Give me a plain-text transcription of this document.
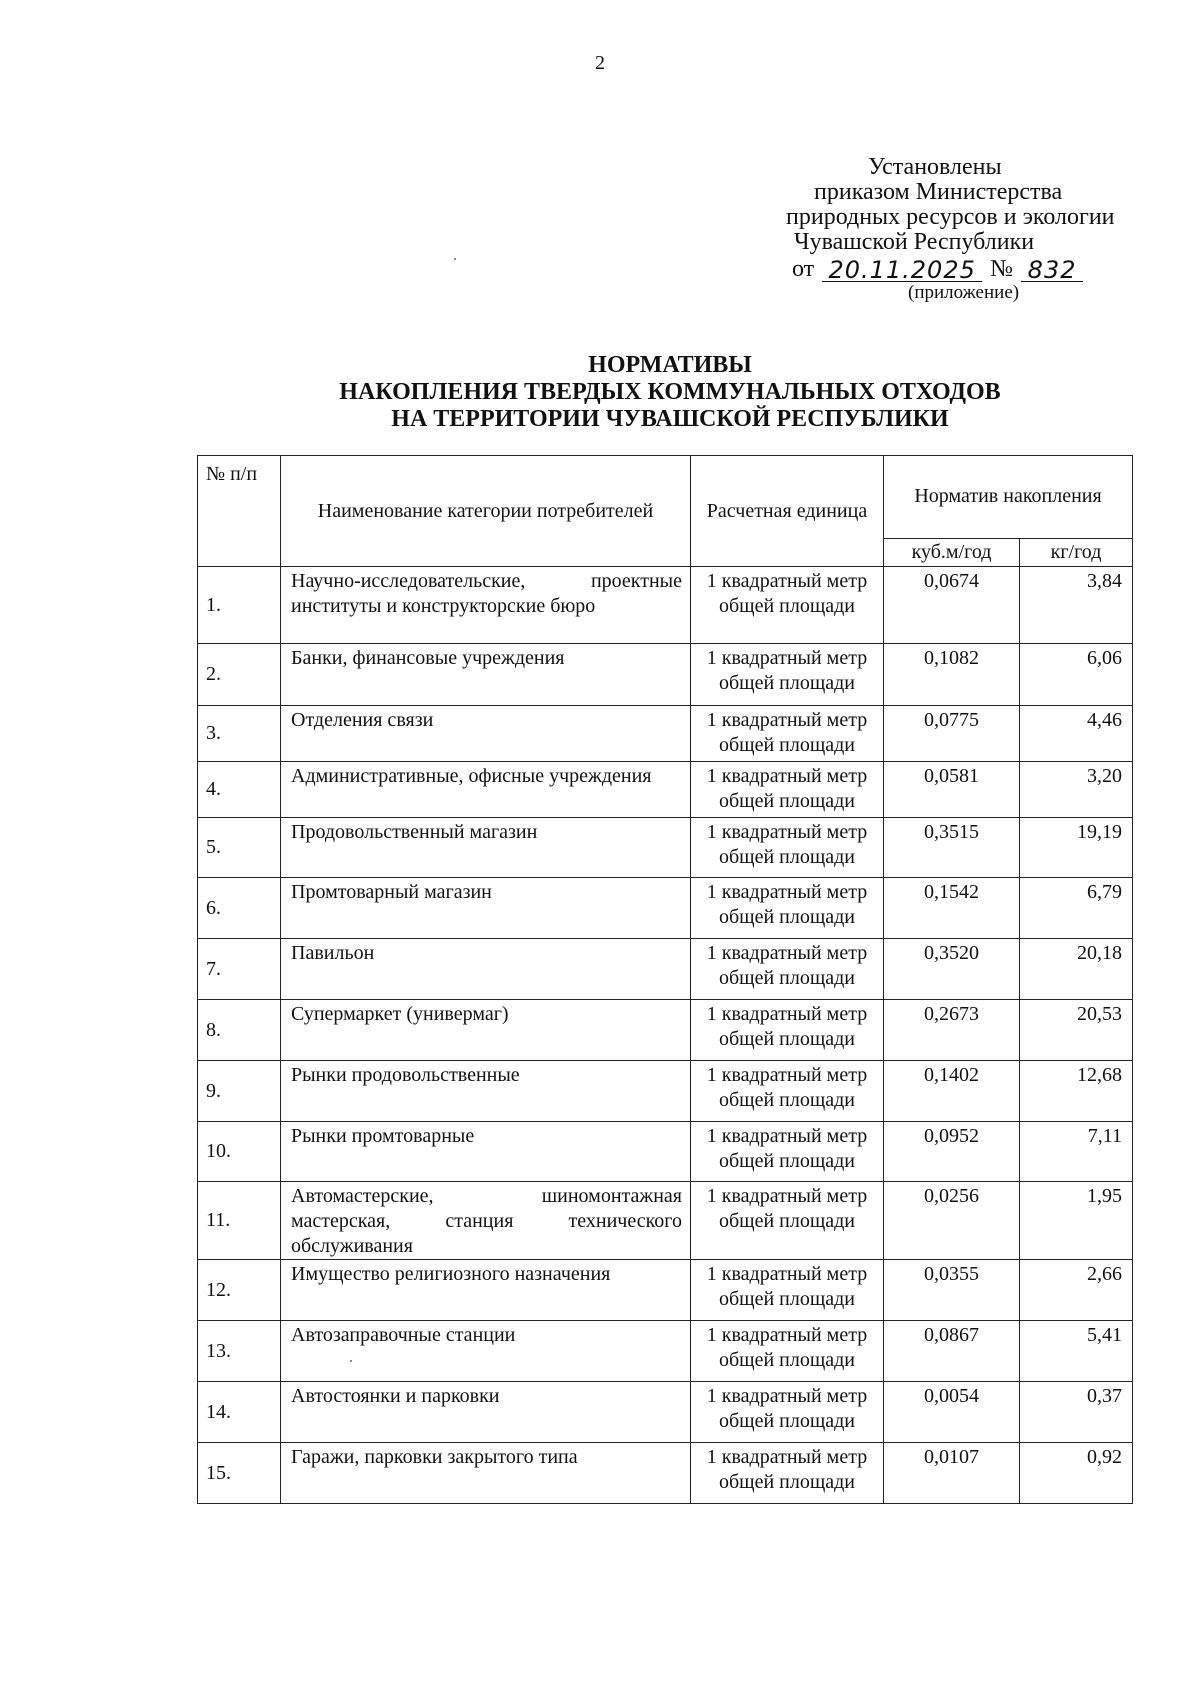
2
Установлены
приказом Министерства
природных ресурсов и экологии
Чувашской Республики
от 20.11.2025 № 832
(приложение)
НОРМАТИВЫ
НАКОПЛЕНИЯ ТВЕРДЫХ КОММУНАЛЬНЫХ ОТХОДОВ
НА ТЕРРИТОРИИ ЧУВАШСКОЙ РЕСПУБЛИКИ
№ п/п	Наименование категории потребителей	Расчетная единица	Норматив накопления	
			куб.м/год	кг/год
1.	Научно-исследовательские, проектные институты и конструкторские бюро	1 квадратный метр общей площади	0,0674	3,84
2.	Банки, финансовые учреждения	1 квадратный метр общей площади	0,1082	6,06
3.	Отделения связи	1 квадратный метр общей площади	0,0775	4,46
4.	Административные, офисные учреждения	1 квадратный метр общей площади	0,0581	3,20
5.	Продовольственный магазин	1 квадратный метр общей площади	0,3515	19,19
6.	Промтоварный магазин	1 квадратный метр общей площади	0,1542	6,79
7.	Павильон	1 квадратный метр общей площади	0,3520	20,18
8.	Супермаркет (универмаг)	1 квадратный метр общей площади	0,2673	20,53
9.	Рынки продовольственные	1 квадратный метр общей площади	0,1402	12,68
10.	Рынки промтоварные	1 квадратный метр общей площади	0,0952	7,11
11.	Автомастерские, шиномонтажная мастерская, станция технического обслуживания	1 квадратный метр общей площади	0,0256	1,95
12.	Имущество религиозного назначения	1 квадратный метр общей площади	0,0355	2,66
13.	Автозаправочные станции	1 квадратный метр общей площади	0,0867	5,41
14.	Автостоянки и парковки	1 квадратный метр общей площади	0,0054	0,37
15.	Гаражи, парковки закрытого типа	1 квадратный метр общей площади	0,0107	0,92
